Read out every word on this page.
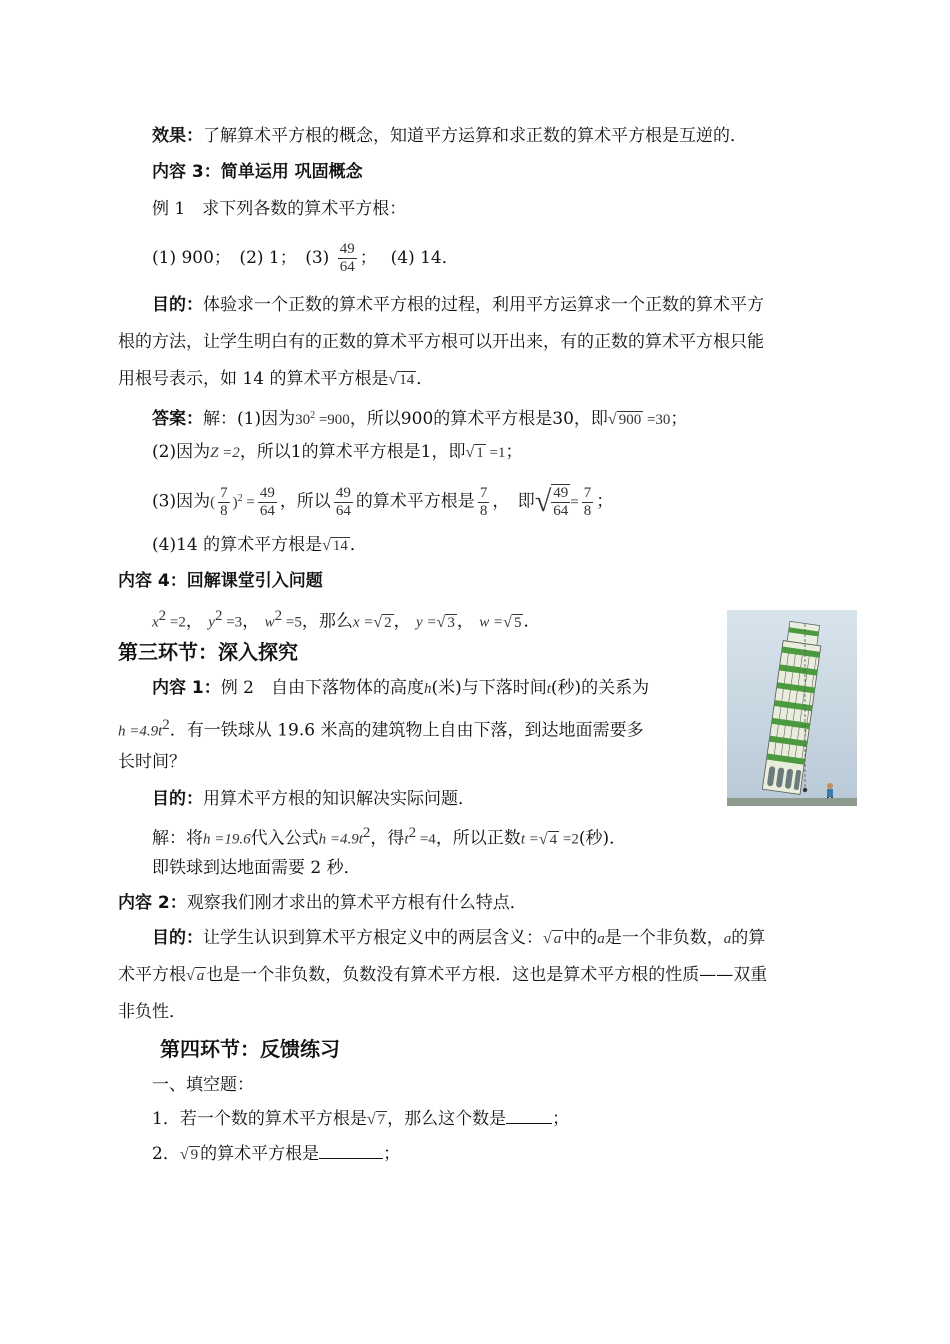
效果：了解算术平方根的概念，知道平方运算和求正数的算术平方根是互逆的．
内容 3：简单运用 巩固概念
例 1　求下列各数的算术平方根：
(1) 900；　(2) 1；　$(3) \frac{49}{64}$ ；　 (4) 14．
目的：体验求一个正数的算术平方根的过程，利用平方运算求一个正数的算术平方
根的方法，让学生明白有的正数的算术平方根可以开出来，有的正数的算术平方根只能
用根号表示，如 14 的算术平方根是√ 14 ．
答案：解：(1)因为$30^2 =900$，所以900的算术平方根是30，即√ 900 =30；
(2)因为Z =2，所以1的算术平方根是1，即√ 1 =1；
(3)因为( $\frac{7}{8} )^2 = \frac{49}{64}$ ，所以 $\frac{49}{64}$ 的算术平方根是 $\frac{7}{8}$ ，　即√ $\frac{49}{64} = \frac{7}{8}$ ；
(4)14 的算术平方根是√ 14 ．
内容 4：回解课堂引入问题
$x^2 =2$， $y^2 =3$， $w^2 =5$，那么x =√ 2 ， y =√ 3 ， w =√ 5 ．
第三环节：深入探究
内容 1：例 2　自由下落物体的高度h(米)与下落时间t(秒)的关系为
$h =4.9t^2$．有一铁球从 19.6 米高的建筑物上自由下落，到达地面需要多
长时间？
目的：用算术平方根的知识解决实际问题．
解：将h =19.6代入公式$h =4.9t^2$，得$t^2 =4$，所以正数t =√ 4 =2(秒)．
即铁球到达地面需要 2 秒．
内容 2：观察我们刚才求出的算术平方根有什么特点．
目的：让学生认识到算术平方根定义中的两层含义：√ a 中的a是一个非负数，a的算
术平方根√ a 也是一个非负数，负数没有算术平方根．这也是算术平方根的性质——双重
非负性．
第四环节：反馈练习
一、填空题：
1．若一个数的算术平方根是√ 7 ，那么这个数是	；
2．√ 9 的算术平方根是	；
